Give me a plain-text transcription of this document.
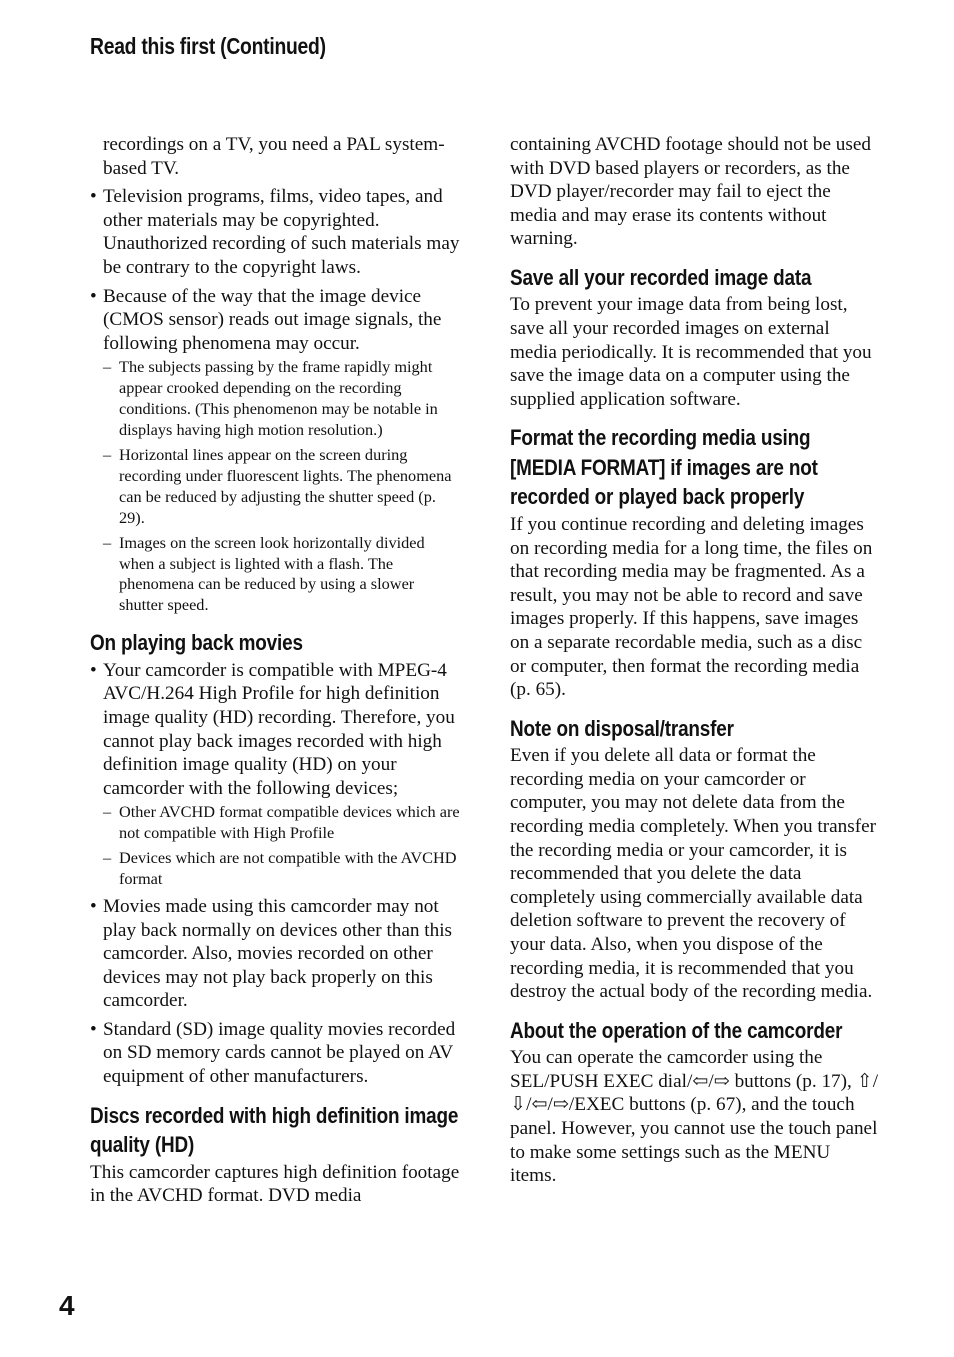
Read this first (Continued)

recordings on a TV, you need a PAL system-based TV.

• Television programs, films, video tapes, and other materials may be copyrighted. Unauthorized recording of such materials may be contrary to the copyright laws.
• Because of the way that the image device (CMOS sensor) reads out image signals, the following phenomena may occur.
– The subjects passing by the frame rapidly might appear crooked depending on the recording conditions. (This phenomenon may be notable in displays having high motion resolution.)
– Horizontal lines appear on the screen during recording under fluorescent lights. The phenomena can be reduced by adjusting the shutter speed (p. 29).
– Images on the screen look horizontally divided when a subject is lighted with a flash. The phenomena can be reduced by using a slower shutter speed.
On playing back movies
• Your camcorder is compatible with MPEG-4 AVC/H.264 High Profile for high definition image quality (HD) recording. Therefore, you cannot play back images recorded with high definition image quality (HD) on your camcorder with the following devices;
– Other AVCHD format compatible devices which are not compatible with High Profile
– Devices which are not compatible with the AVCHD format
• Movies made using this camcorder may not play back normally on devices other than this camcorder. Also, movies recorded on other devices may not play back properly on this camcorder.
• Standard (SD) image quality movies recorded on SD memory cards cannot be played on AV equipment of other manufacturers.
Discs recorded with high definition image quality (HD)

This camcorder captures high definition footage in the AVCHD format. DVD media

containing AVCHD footage should not be used with DVD based players or recorders, as the DVD player/recorder may fail to eject the media and may erase its contents without warning.

Save all your recorded image data

To prevent your image data from being lost, save all your recorded images on external media periodically. It is recommended that you save the image data on a computer using the supplied application software.

Format the recording media using [MEDIA FORMAT] if images are not recorded or played back properly

If you continue recording and deleting images on recording media for a long time, the files on that recording media may be fragmented. As a result, you may not be able to record and save images properly. If this happens, save images on a separate recordable media, such as a disc or computer, then format the recording media (p. 65).

Note on disposal/transfer

Even if you delete all data or format the recording media on your camcorder or computer, you may not delete data from the recording media completely. When you transfer the recording media or your camcorder, it is recommended that you delete the data completely using commercially available data deletion software to prevent the recovery of your data. Also, when you dispose of the recording media, it is recommended that you destroy the actual body of the recording media.

About the operation of the camcorder

You can operate the camcorder using the SEL/PUSH EXEC dial/⇦/⇨ buttons (p. 17), ⇧/⇩/⇦/⇨/EXEC buttons (p. 67), and the touch panel. However, you cannot use the touch panel to make some settings such as the MENU items.

4
